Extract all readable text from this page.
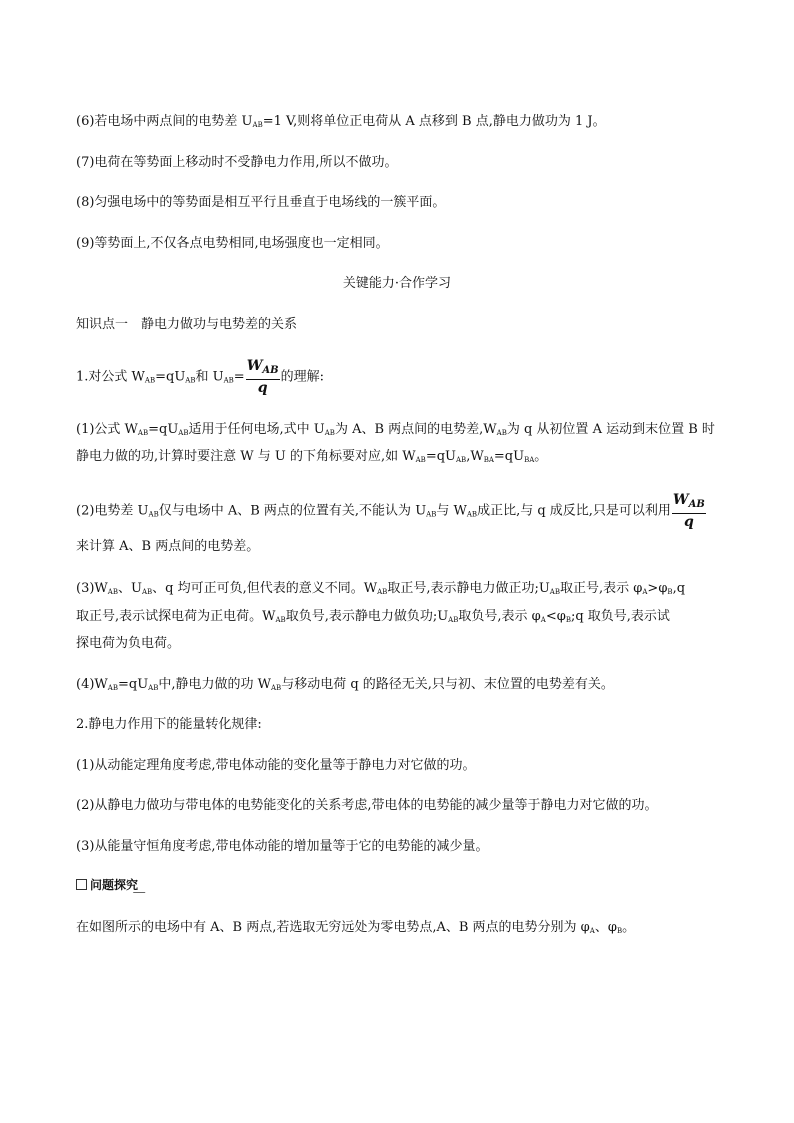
(6)若电场中两点间的电势差 $U_{AB}=1$ V,则将单位正电荷从 A 点移到 B 点,静电力做功为 1 J。
(7)电荷在等势面上移动时不受静电力作用,所以不做功。
(8)匀强电场中的等势面是相互平行且垂直于电场线的一簇平面。
(9)等势面上,不仅各点电势相同,电场强度也一定相同。
关键能力·合作学习
知识点一　静电力做功与电势差的关系
1.对公式 $W_{AB}=qU_{AB}$和 $U_{AB}= \frac{W_{AB}}{q}$ 的理解:
(1)公式 $W_{AB}=qU_{AB}$适用于任何电场,式中 $U_{AB}$为 A、B 两点间的电势差$,W_{AB}$为 q 从初位置 A 运动到末位置 B 时
静电力做的功,计算时要注意 W 与 U 的下角标要对应,如 $W_{AB}=qU_{AB},W_{BA}=qU_{BA}$。
(2)电势差 $U_{AB}$仅与电场中 A、B 两点的位置有关,不能认为 $U_{AB}$与 $W_{AB}$成正比,与 q 成反比,只是可以利用 $\frac{W_{AB}}{q}$
来计算 A、B 两点间的电势差。
$(3)W_{AB}$、$U_{AB}$、q 均可正可负,但代表的意义不同。$W_{AB}$取正号,表示静电力做正功$;U_{AB}$取正号,表示 $\varphi_A>\varphi_B,q$
取正号,表示试探电荷为正电荷。$W_{AB}$取负号,表示静电力做负功$;U_{AB}$取负号,表示 $\varphi_A<\varphi_B;q$ 取负号,表示试
探电荷为负电荷。
$(4)W_{AB}=qU_{AB}$中,静电力做的功 $W_{AB}$与移动电荷 q 的路径无关,只与初、末位置的电势差有关。
2.静电力作用下的能量转化规律:
(1)从动能定理角度考虑,带电体动能的变化量等于静电力对它做的功。
(2)从静电力做功与带电体的电势能变化的关系考虑,带电体的电势能的减少量等于静电力对它做的功。
(3)从能量守恒角度考虑,带电体动能的增加量等于它的电势能的减少量。
问题探究
在如图所示的电场中有 A、B 两点,若选取无穷远处为零电势点,A、B 两点的电势分别为 $\varphi_A$、$\varphi_B$。
